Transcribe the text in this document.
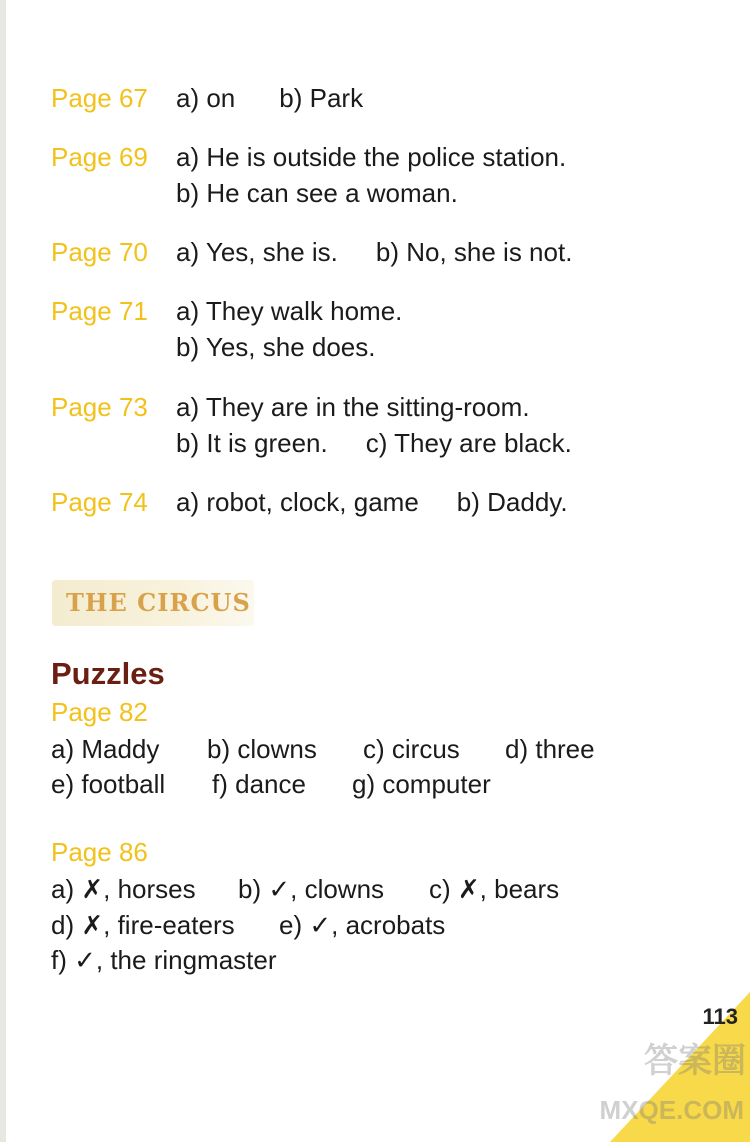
Page 67 a) on b) Park
Page 69 a) He is outside the police station.
b) He can see a woman.
Page 70 a) Yes, she is. b) No, she is not.
Page 71 a) They walk home.
b) Yes, she does.
Page 73 a) They are in the sitting-room.
b) It is green. c) They are black.
Page 74 a) robot, clock, game b) Daddy.
THE CIRCUS
Puzzles
Page 82
a) Maddy b) clowns c) circus d) three
e) football f) dance g) computer
Page 86
a) ✗, horses b) ✓, clowns c) ✗, bears
d) ✗, fire-eaters e) ✓, acrobats
f) ✓, the ringmaster
答案圈
MXQE.COM
113
